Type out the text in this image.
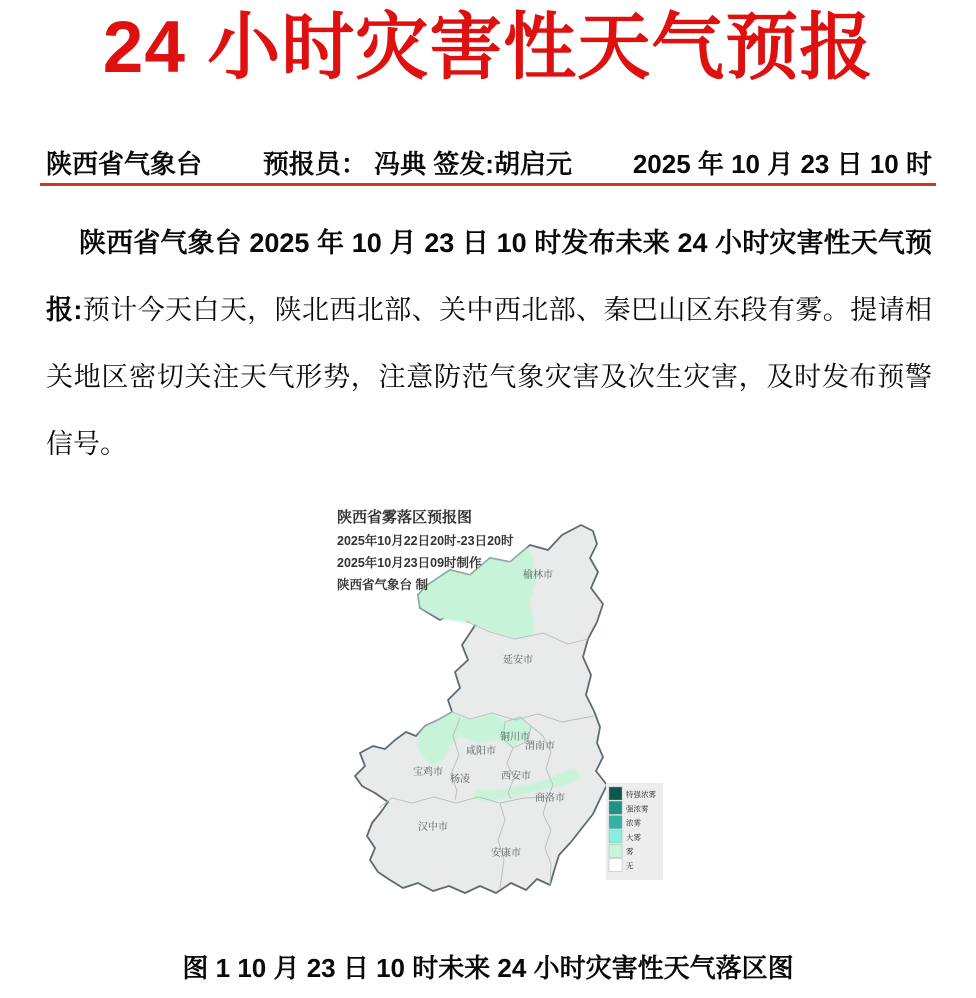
24 小时灾害性天气预报
陕西省气象台 预报员： 冯典 签发:胡启元 2025 年 10 月 23 日 10 时

陕西省气象台 2025 年 10 月 23 日 10 时发布未来 24 小时灾害性天气预报:预计今天白天，陕北西北部、关中西北部、秦巴山区东段有雾。提请相关地区密切关注天气形势，注意防范气象灾害及次生灾害，及时发布预警信号。

陕西省雾落区预报图
2025年10月22日20时-23日20时
2025年10月23日09时制作
陕西省气象台 制
榆林市
延安市
铜川市
渭南市
咸阳市
宝鸡市
杨凌	西安市
商洛市
汉中市
安康市
特强浓雾
强浓雾
浓雾
大雾
雾
无
图 1 10 月 23 日 10 时未来 24 小时灾害性天气落区图
